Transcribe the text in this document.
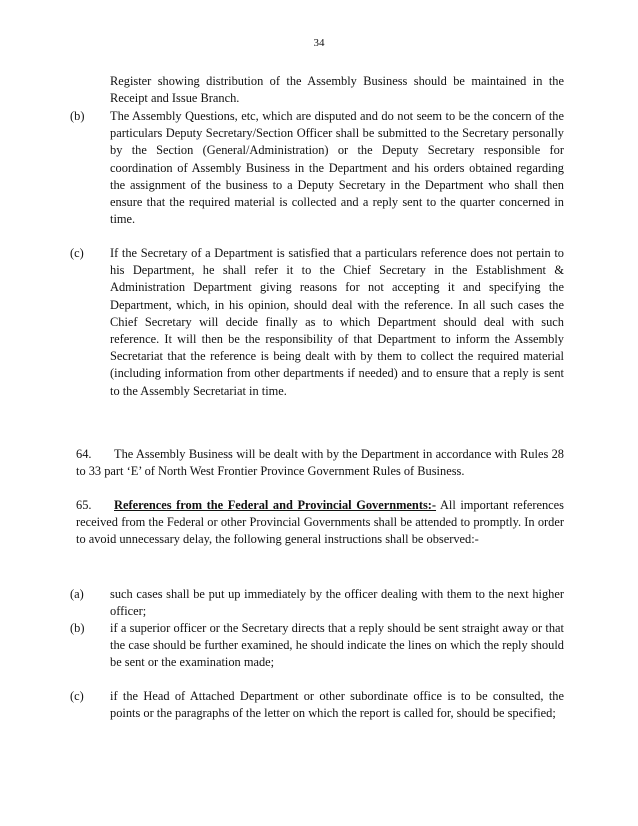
34
Register showing distribution of the Assembly Business should be maintained in the Receipt and Issue Branch.
(b) The Assembly Questions, etc, which are disputed and do not seem to be the concern of the particulars Deputy Secretary/Section Officer shall be submitted to the Secretary personally by the Section (General/Administration) or the Deputy Secretary responsible for coordination of Assembly Business in the Department and his orders obtained regarding the assignment of the business to a Deputy Secretary in the Department who shall then ensure that the required material is collected and a reply sent to the quarter concerned in time.
(c) If the Secretary of a Department is satisfied that a particulars reference does not pertain to his Department, he shall refer it to the Chief Secretary in the Establishment & Administration Department giving reasons for not accepting it and specifying the Department, which, in his opinion, should deal with the reference. In all such cases the Chief Secretary will decide finally as to which Department should deal with such reference. It will then be the responsibility of that Department to inform the Assembly Secretariat that the reference is being dealt with by them to collect the required material (including information from other departments if needed) and to ensure that a reply is sent to the Assembly Secretariat in time.
64. The Assembly Business will be dealt with by the Department in accordance with Rules 28 to 33 part ‘E’ of North West Frontier Province Government Rules of Business.
65. References from the Federal and Provincial Governments:- All important references received from the Federal or other Provincial Governments shall be attended to promptly. In order to avoid unnecessary delay, the following general instructions shall be observed:-
(a) such cases shall be put up immediately by the officer dealing with them to the next higher officer;
(b) if a superior officer or the Secretary directs that a reply should be sent straight away or that the case should be further examined, he should indicate the lines on which the reply should be sent or the examination made;
(c) if the Head of Attached Department or other subordinate office is to be consulted, the points or the paragraphs of the letter on which the report is called for, should be specified;
